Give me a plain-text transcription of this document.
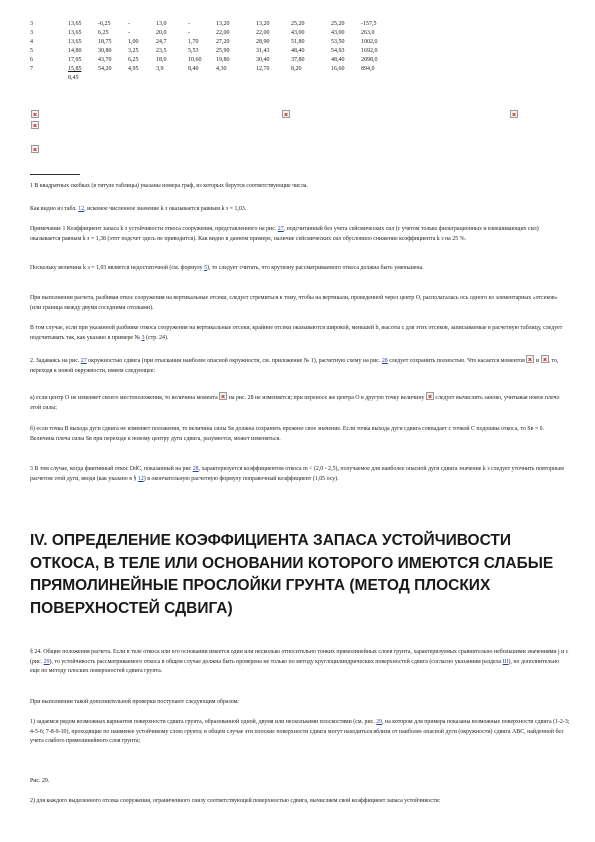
3	13,65	-6,25	-	13,0	-	13,20	13,20	25,20	25,20	-157,5
3	13,65	6,25	-	20,0	-	22,00	22,00	43,00	43,00	263,0
4	13,65	18,75	1,00	24,7	1,70	27,20	28,90	51,80	53,50	1002,0
5	14,80	30,80	3,25	23,5	5,53	25,90	31,43	48,40	54,93	1692,0
6	17,95	43,70	6,25	18,0	10,60	19,80	30,40	37,80	48,40	2098,0
7	15,85	54,20	4,95	3,9	8,40	4,30	12,70	8,20	16,60	894,0
	8,45									
1 В квадратных скобках (в титуле таблицы) указаны номера граф, из которых берутся соответствующие числа.
Как видно из табл. 12, искомое численное значение k з оказывается равным k з = 1,03.
Примечание 1 Коэффициент запаса k з устойчивости откоса сооружения, представленного на рис. 27, подсчитанный без учета сейсмических сил (с учетом только фильтрационных и взвешивающих сил) оказывается равным k з = 1,38 (этот подсчет здесь не приводится). Как видно в данном примере, наличие сейсмических сил обусловило снижение коэффициента k з на 25 %.
Поскольку величина k з = 1,03 является недостаточной (см. формулу 5), то следует считать, что крутизну рассматриваемого откоса должна быть уменьшена.
При выполнении расчета, разбивая откос сооружения на вертикальные отсеки, следует стремиться к тому, чтобы на вертикали, проведенной через центр O, располагалась ось одного из элементарных «отсеков» (или граница между двумя соседними отсеками).
В том случае, если при указанной разбивке откоса сооружения на вертикальные отсеки, крайние отсеки оказываются широкой, меньшей b, высоты с для этих отсеков, записываемые в расчетную таблицу, следует подсчитывать так, как указано в примере № 3 (стр. 24).
2. Задаваясь на рис. 27 окружностью сдвига (при отыскании наиболее опасной окружности, см. приложение № 1), расчетную схему на рис. 28 следует сохранить полностью. Что касается моментов  и , то, переходя к новой окружности, имеем следующее:
а) если центр O не изменяет своего местоположения, то величина момента  на рис. 28 не изменяется; при переносе же центра O в другую точку величину  следует вычислить заново, учитывая новое плечо этой силы;
б) если точка B выхода дуги сдвига не изменяет положения, то величина силы Sв должна сохранить прежнее свое значение. Если точка выхода дуги сдвига совпадает с точкой C подошвы откоса, то Sв = 0. Величина плеча силы Sв при переходе к новому центру дуги сдвига, разумеется, может изменяться.
3 В том случае, когда фиктивный откос DdC, показанный на рис 28, характеризуется коэффициентом откоса m < (2,0 - 2,5), получаемое для наиболее опасной дуги сдвига значение k з следует уточнить повторным расчетом этой дуги, вводя (как указано в § 12) в окончательную расчетную формулу поправочный коэффициент (1,05 осу).
IV. ОПРЕДЕЛЕНИЕ КОЭФФИЦИЕНТА ЗАПАСА УСТОЙЧИВОСТИ ОТКОСА, В ТЕЛЕ ИЛИ ОСНОВАНИИ КОТОРОГО ИМЕЮТСЯ СЛАБЫЕ ПРЯМОЛИНЕЙНЫЕ ПРОСЛОЙКИ ГРУНТА (МЕТОД ПЛОСКИХ ПОВЕРХНОСТЕЙ СДВИГА)
§ 24. Общие положения расчета. Если в теле откоса или его основании имеется один или несколько относительно тонких прямолинейных слоев грунта, характеризуемых сравнительно небольшими значениями j и c (рис. 29), то устойчивость рассматриваемого откоса в общем случае должна быть проверена не только по методу круглоцилиндрических поверхностей сдвига (согласно указаниям раздела III), но дополнительно еще по методу плоских поверхностей сдвига грунта.
При выполнении такой дополнительной проверки поступают следующим образом:
1) задаемся рядом возможных вариантов поверхности сдвига грунта, образованной одной, двумя или несколькими плоскостями (см. рис. 29, на котором для примера показаны возможные поверхности сдвига (1-2-3; 4-5-6; 7-8-9-10), проходящие по наименее устойчивому слою грунта; в общем случае эти плоские поверхности сдвига могут находиться вблизи от наиболее опасной дуги (окружности) сдвига ABC, найденной без учета слабого прямолинейного слоя грунта;
Рис. 29.
2) для каждого выделенного отсека сооружения, ограниченного снизу соответствующей поверхностью сдвига, вычисляем свой коэффициент запаса устойчивости:
